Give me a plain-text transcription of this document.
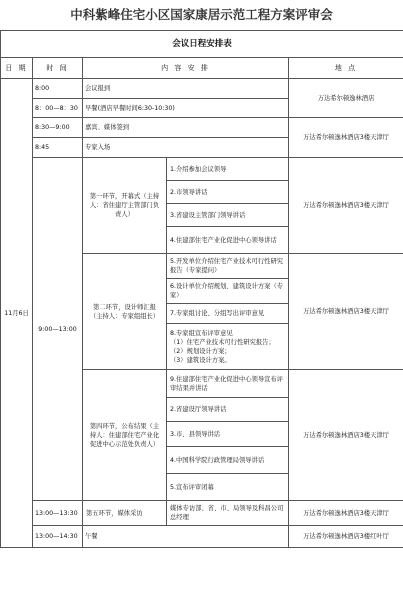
中科紫峰住宅小区国家康居示范工程方案评审会
会议日程安排表				
日 期	时 间	内 容 安 排		地 点
11月6日	8:00	会议报到		万达希尔顿逸林酒店
	8：00—8：30	早餐(酒店早餐时间6:30-10:30)		
	8:30—9:00	嘉宾、媒体签到		万达希尔顿逸林酒店3楼天津厅
	8:45	专家入场		
	9:00—13:00	第一环节，开幕式（主持人：省住建厅主管部门负责人）	1.介绍参加会议领导	万达希尔顿逸林酒店3楼天津厅
			2.市领导讲话	
			3.省建设主管部门领导讲话	
			4.住建部住宅产业化促进中心领导讲话	
		第二环节，设计师汇报（主持人：专家组组长）	5.开发单位介绍住宅产业技术可行性研究报告（专家提问）	万达希尔顿逸林酒店3楼天津厅
			6.设计单位介绍规划、建筑设计方案（专家）	
			7.专家组讨论、分组写出评审意见	
			8.专家组宣布评审意见
（1）住宅产业技术可行性研究报告；
（2）规划设计方案；
（3）建筑设计方案。	
		第四环节，公布结果（主持人：住建部住宅产业化促进中心示范处负责人）	9.住建部住宅产业化促进中心领导宣布评审结果并讲话	万达希尔顿逸林酒店3楼天津厅
			2.省建设厅领导讲话	
			3.市、县领导讲话	
			4.中国科学院行政管理局领导讲话	
			5.宣布评审闭幕	
	13:00—13:30	第五环节，媒体采访	媒体专访部、省、市、局领导及科昌公司总经理	万达希尔顿逸林酒店3楼天津厅
	13:00—14:30	午餐		万达希尔顿逸林酒店3楼红叶厅
